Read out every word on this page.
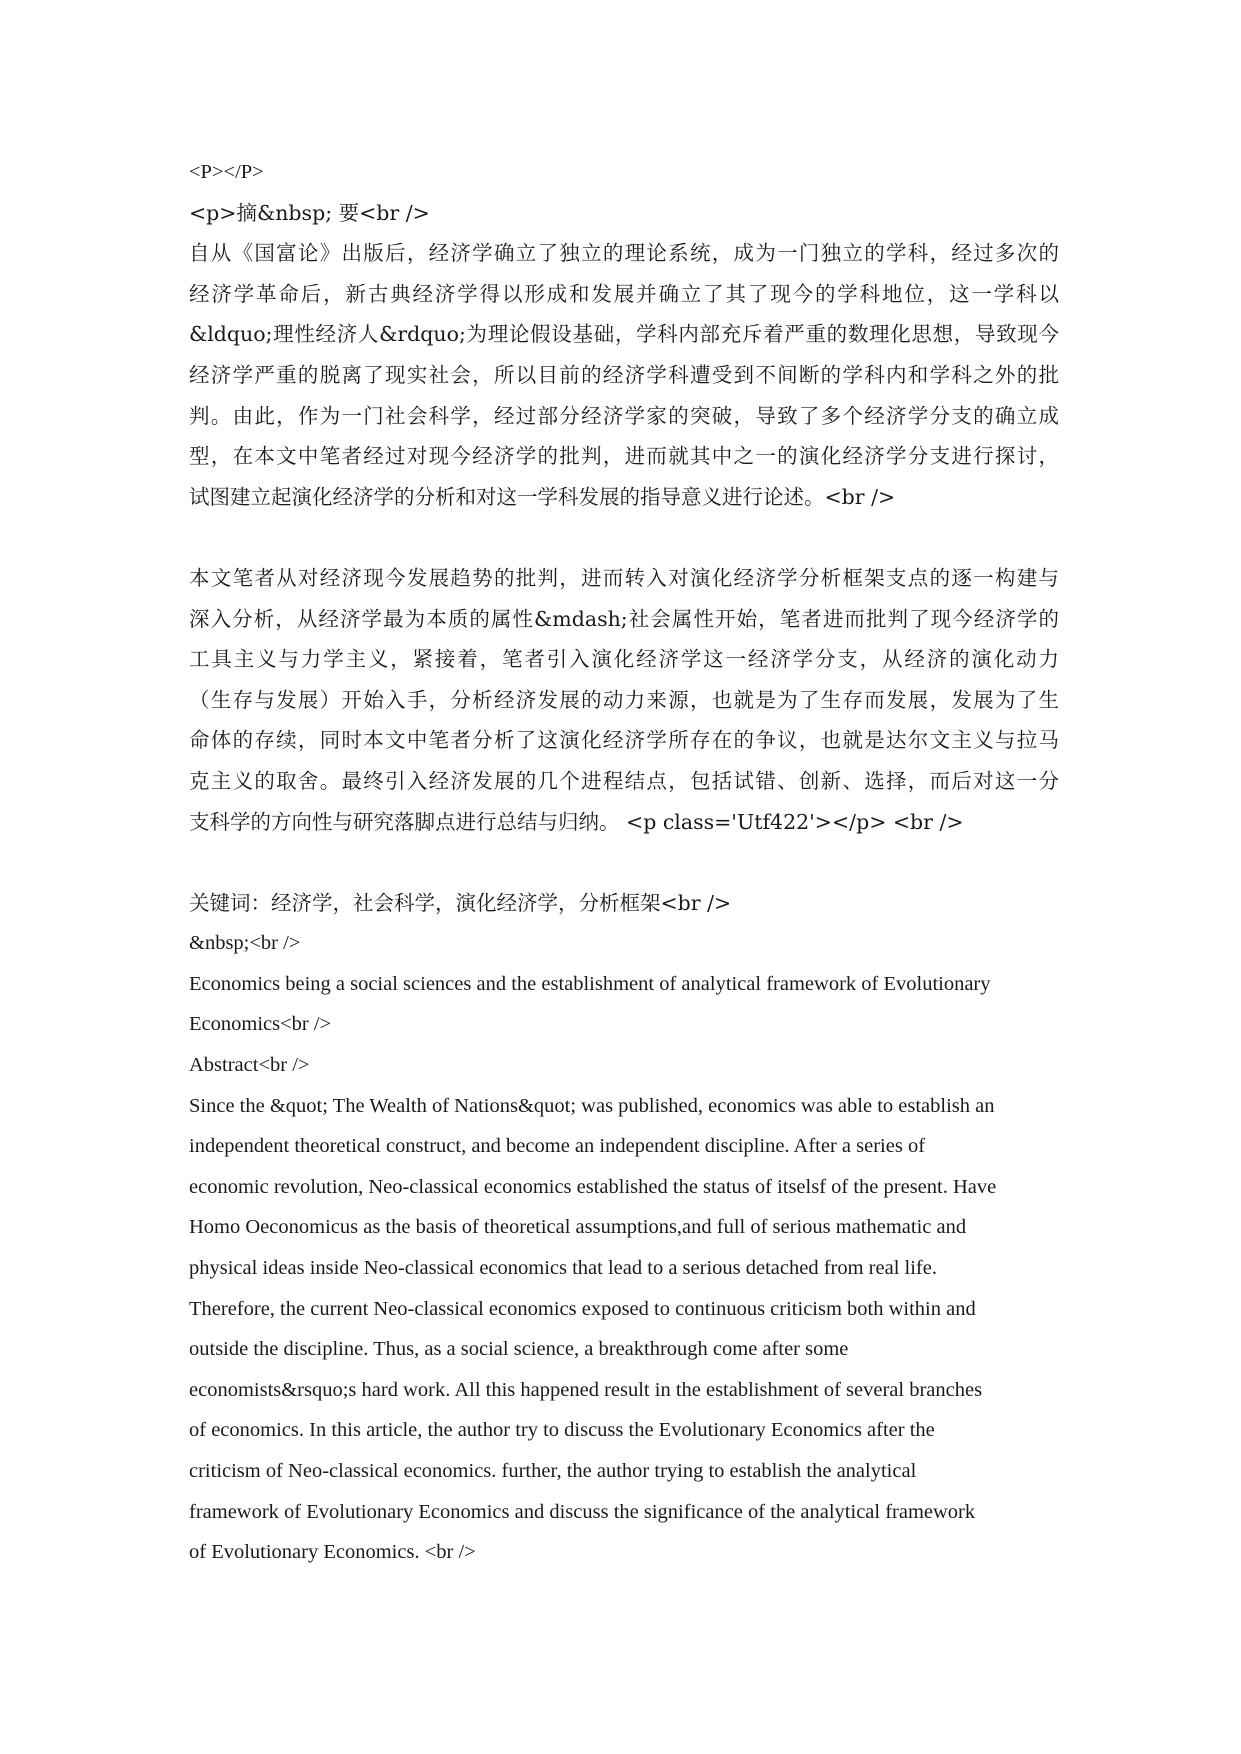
<P></P>
<p>摘&nbsp; 要<br />
自从《国富论》出版后，经济学确立了独立的理论系统，成为一门独立的学科，经过多次的
经济学革命后，新古典经济学得以形成和发展并确立了其了现今的学科地位，这一学科以
&ldquo;理性经济人&rdquo;为理论假设基础，学科内部充斥着严重的数理化思想，导致现今
经济学严重的脱离了现实社会，所以目前的经济学科遭受到不间断的学科内和学科之外的批
判。由此，作为一门社会科学，经过部分经济学家的突破，导致了多个经济学分支的确立成
型，在本文中笔者经过对现今经济学的批判，进而就其中之一的演化经济学分支进行探讨，
试图建立起演化经济学的分析和对这一学科发展的指导意义进行论述。<br />
本文笔者从对经济现今发展趋势的批判，进而转入对演化经济学分析框架支点的逐一构建与
深入分析，从经济学最为本质的属性&mdash;社会属性开始，笔者进而批判了现今经济学的
工具主义与力学主义，紧接着，笔者引入演化经济学这一经济学分支，从经济的演化动力
（生存与发展）开始入手，分析经济发展的动力来源，也就是为了生存而发展，发展为了生
命体的存续，同时本文中笔者分析了这演化经济学所存在的争议，也就是达尔文主义与拉马
克主义的取舍。最终引入经济发展的几个进程结点，包括试错、创新、选择，而后对这一分
支科学的方向性与研究落脚点进行总结与归纳。 <p class='Utf422'></p> <br />
关键词：经济学，社会科学，演化经济学，分析框架<br />
&nbsp;<br />
Economics being a social sciences and the establishment of analytical framework of Evolutionary
Economics<br />
Abstract<br />
Since the &quot; The Wealth of Nations&quot; was published, economics was able to establish an
independent theoretical construct, and become an independent discipline. After a series of
economic revolution, Neo-classical economics established the status of itselsf of the present. Have
Homo Oeconomicus as the basis of theoretical assumptions,and full of serious mathematic and
physical ideas inside Neo-classical economics that lead to a serious detached from real life.
Therefore, the current Neo-classical economics exposed to continuous criticism both within and
outside the discipline. Thus, as a social science, a breakthrough come after some
economists&rsquo;s hard work. All this happened result in the establishment of several branches
of economics. In this article, the author try to discuss the Evolutionary Economics after the
criticism of Neo-classical economics. further, the author trying to establish the analytical
framework of Evolutionary Economics and discuss the significance of the analytical framework
of Evolutionary Economics. <br />
